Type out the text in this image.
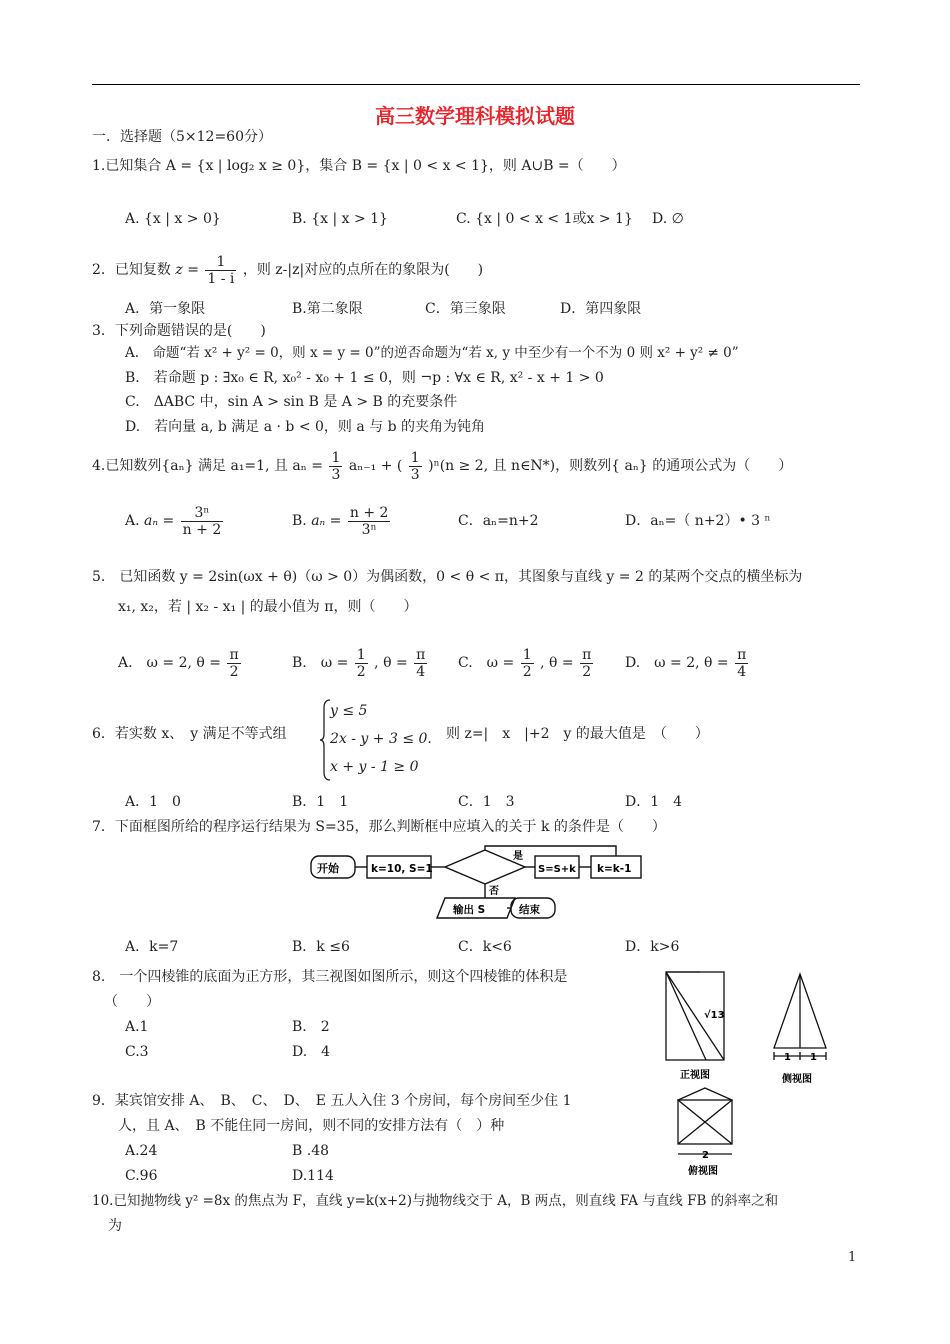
高三数学理科模拟试题
一．选择题（5×12=60分）
1.已知集合 A = {x | log₂ x ≥ 0}，集合 B = {x | 0 < x < 1}，则 A∪B =（　　）
A. {x | x > 0}	B. {x | x > 1}	C. {x | 0 < x < 1或x > 1} D. ∅
2．已知复数 $z = \frac{1}{1 - i}$ ，则 z-|z|对应的点所在的象限为(　　)
A．第一象限	B.第二象限	C．第三象限	D．第四象限
3．下列命题错误的是(　　)
A.　命题“若 x² + y² = 0，则 x = y = 0”的逆否命题为“若 x, y 中至少有一个不为 0 则 x² + y² ≠ 0”
B.　若命题 p : ∃x₀ ∈ R, x₀² - x₀ + 1 ≤ 0，则 ¬p : ∀x ∈ R, x² - x + 1 > 0
C.　ΔABC 中，sin A > sin B 是 A > B 的充要条件
D.　若向量 a, b 满足 a · b < 0，则 a 与 b 的夹角为钝角
4.已知数列{aₙ} 满足 a₁=1, 且 $a_n = \frac{1}{3} a_{n-1}$ + ( $\frac{1}{3} )^n(n \ge 2$, 且 n∈N*)，则数列{ aₙ} 的通项公式为（　　）
A. $a_n = \frac{\text{3ⁿ}}{n + 2}$	B. $a_n = \frac{n + 2}{\text{3ⁿ}}$	C．aₙ=n+2	D．aₙ=（ n+2）• 3 ⁿ
5.　已知函数 y = 2sin(ωx + θ)（ω > 0）为偶函数，0 < θ < π，其图象与直线 y = 2 的某两个交点的横坐标为
x₁, x₂，若 | x₂ - x₁ | 的最小值为 π，则（　　）
A.　ω = 2, $\theta = \frac{\pi}{2}$	B.　$\omega = \frac{1}{2}$ , $\theta = \frac{\pi}{4} C$.　$\omega = \frac{1}{2}$ , $\theta = \frac{\pi}{2} D$.　ω = 2, $\theta = \frac{\pi}{4}$
6．若实数 x、　y 满足不等式组
y ≤ 5
2x - y + 3 ≤ 0.
x + y - 1 ≥ 0
则 z=|　x　|+2　y 的最大值是　（　　）
A．1　0	B．1　1	C．1　3	D．1　4
7．下面框图所给的程序运行结果为 S=35，那么判断框中应填入的关于 k 的条件是（　　）
开始	k=10, S=1
是
否
S=S+k k=k-1
输出 S	结束
A．k=7	B．k ≤6	C．k<6	D．k>6
8.　一个四棱锥的底面为正方形，其三视图如图所示，则这个四棱锥的体积是
（　　）
A.1	B.　2
C.3	D.　4
√13
1 1
2
正视图	侧视图
俯视图
9．某宾馆安排 A、　B、　C、　D、　E 五人入住 3 个房间，每个房间至少住 1
人，且 A、　B 不能住同一房间，则不同的安排方法有（　）种
A.24	B .48
C.96	D.114
10.已知抛物线 y² =8x 的焦点为 F，直线 y=k(x+2)与抛物线交于 A，B 两点，则直线 FA 与直线 FB 的斜率之和
为
1
